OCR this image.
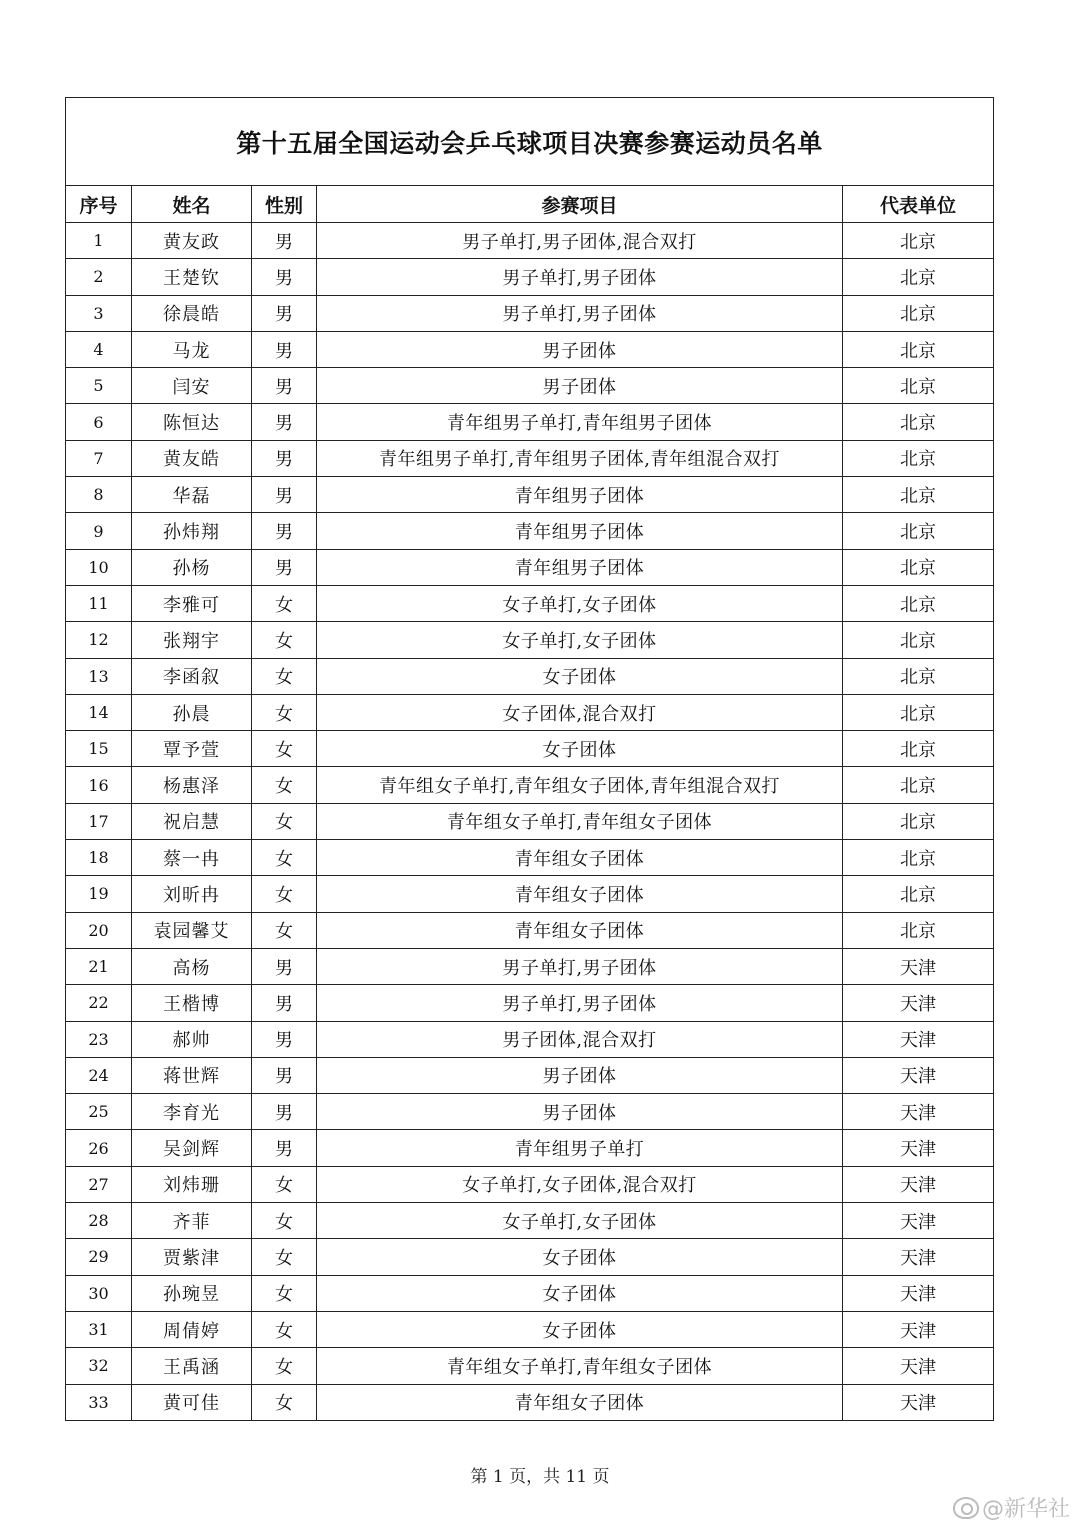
第十五届全国运动会乒乓球项目决赛参赛运动员名单				
序号	姓名	性别	参赛项目	代表单位
1	黄友政	男	男子单打,男子团体,混合双打	北京
2	王楚钦	男	男子单打,男子团体	北京
3	徐晨皓	男	男子单打,男子团体	北京
4	马龙	男	男子团体	北京
5	闫安	男	男子团体	北京
6	陈恒达	男	青年组男子单打,青年组男子团体	北京
7	黄友皓	男	青年组男子单打,青年组男子团体,青年组混合双打	北京
8	华磊	男	青年组男子团体	北京
9	孙炜翔	男	青年组男子团体	北京
10	孙杨	男	青年组男子团体	北京
11	李雅可	女	女子单打,女子团体	北京
12	张翔宇	女	女子单打,女子团体	北京
13	李函叙	女	女子团体	北京
14	孙晨	女	女子团体,混合双打	北京
15	覃予萱	女	女子团体	北京
16	杨惠泽	女	青年组女子单打,青年组女子团体,青年组混合双打	北京
17	祝启慧	女	青年组女子单打,青年组女子团体	北京
18	蔡一冉	女	青年组女子团体	北京
19	刘昕冉	女	青年组女子团体	北京
20	袁园馨艾	女	青年组女子团体	北京
21	高杨	男	男子单打,男子团体	天津
22	王楷博	男	男子单打,男子团体	天津
23	郝帅	男	男子团体,混合双打	天津
24	蒋世辉	男	男子团体	天津
25	李育光	男	男子团体	天津
26	吴剑辉	男	青年组男子单打	天津
27	刘炜珊	女	女子单打,女子团体,混合双打	天津
28	齐菲	女	女子单打,女子团体	天津
29	贾紫津	女	女子团体	天津
30	孙琬昱	女	女子团体	天津
31	周倩婷	女	女子团体	天津
32	王禹涵	女	青年组女子单打,青年组女子团体	天津
33	黄可佳	女	青年组女子团体	天津
第 1 页，共 11 页
@新华社
